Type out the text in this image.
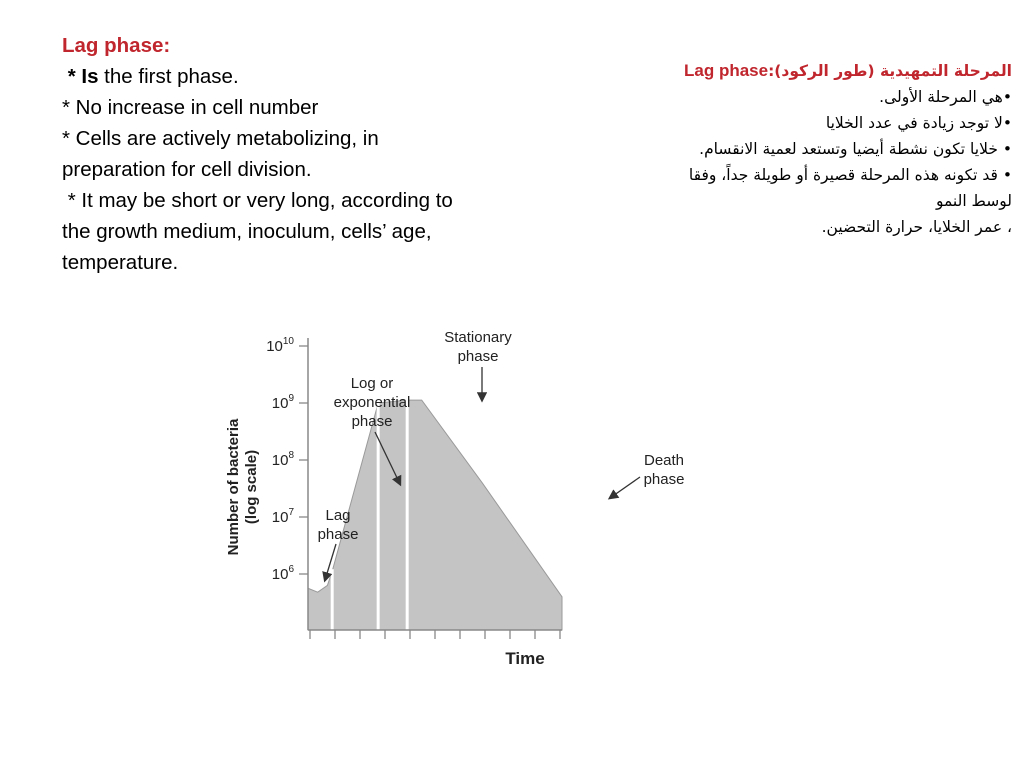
Lag phase:
* Is the first phase.
* No increase in cell number
* Cells are actively metabolizing, in
preparation for cell division.
* It may be short or very long, according to
the growth medium, inoculum, cells’ age,
temperature.
المرحلة التمهيدية (طور الركود):Lag phase
•هي المرحلة الأولى.
•لا توجد زيادة في عدد الخلايا
• خلايا تكون نشطة أيضيا وتستعد لعمية الانقسام.
• قد تكونه هذه المرحلة قصيرة أو طويلة جداً، وفقا
لوسط النمو
، عمر الخلايا، حرارة التحضين.
$10^6$
$10^7$
$10^8$
$10^9$
$10^{10}$
Number of bacteria(log scale)
Time
Lag phase
Log or exponential phase
Stationary phase
Death phase
